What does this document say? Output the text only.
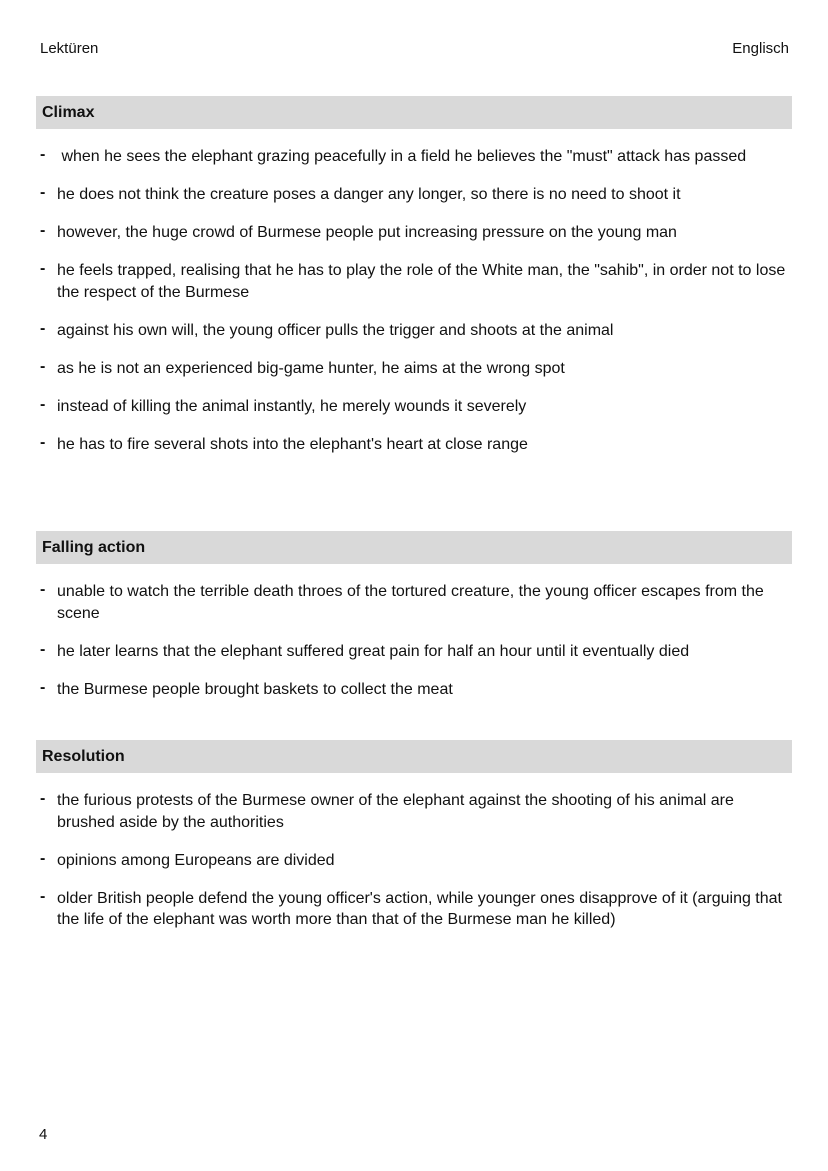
Lektüren	Englisch
Climax
- when he sees the elephant grazing peacefully in a field he believes the "must" attack has passed
- he does not think the creature poses a danger any longer, so there is no need to shoot it
- however, the huge crowd of Burmese people put increasing pressure on the young man
- he feels trapped, realising that he has to play the role of the White man, the "sahib", in order not to lose the respect of the Burmese
- against his own will, the young officer pulls the trigger and shoots at the animal
- as he is not an experienced big-game hunter, he aims at the wrong spot
- instead of killing the animal instantly, he merely wounds it severely
- he has to fire several shots into the elephant's heart at close range
Falling action
- unable to watch the terrible death throes of the tortured creature, the young officer escapes from the scene
- he later learns that the elephant suffered great pain for half an hour until it eventually died
- the Burmese people brought baskets to collect the meat
Resolution
- the furious protests of the Burmese owner of the elephant against the shooting of his animal are brushed aside by the authorities
- opinions among Europeans are divided
- older British people defend the young officer's action, while younger ones disapprove of it (arguing that the life of the elephant was worth more than that of the Burmese man he killed)
4
